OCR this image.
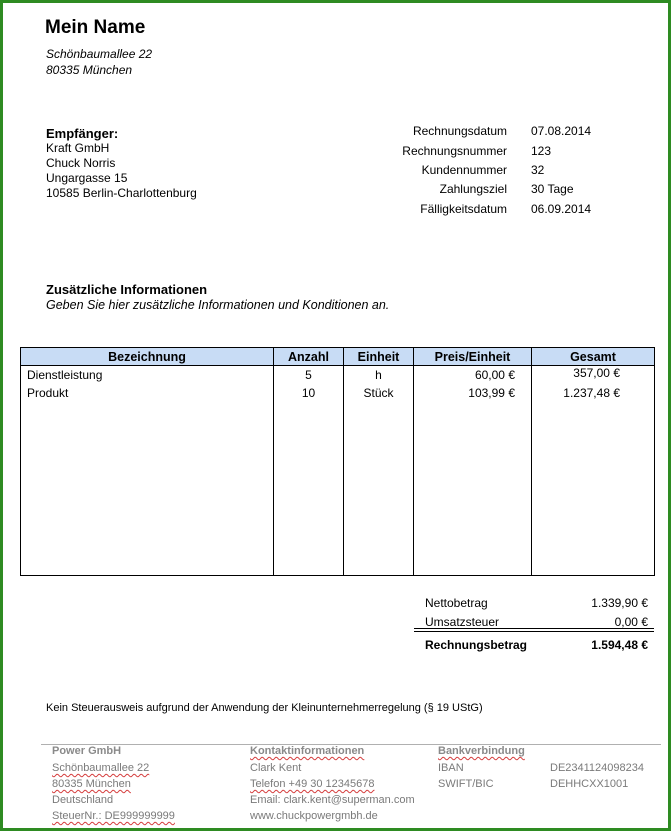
Mein Name
Schönbaumallee 22
80335 München
Empfänger:
Kraft GmbH
Chuck Norris
Ungargasse 15
10585 Berlin-Charlottenburg
Rechnungsdatum 07.08.2014
Rechnungsnummer 123
Kundennummer 32
Zahlungsziel 30 Tage
Fälligkeitsdatum 06.09.2014
Zusätzliche Informationen
Geben Sie hier zusätzliche Informationen und Konditionen an.
Bezeichnung	Anzahl	Einheit	Preis/Einheit	Gesamt
Dienstleistung	5	h	60,00 €	357,00 €
Produkt	10	Stück	103,99 €	1.237,48 €

Nettobetrag	1.339,90 €
Umsatzsteuer	0,00 €
Rechnungsbetrag	1.594,48 €
Kein Steuerausweis aufgrund der Anwendung der Kleinunternehmerregelung (§ 19 UStG)
Power GmbH
Schönbaumallee 22
80335 München
Deutschland
SteuerNr.: DE999999999
Kontaktinformationen
Clark Kent
Telefon +49 30 12345678
Email: clark.kent@superman.com
www.chuckpowergmbh.de
Bankverbindung
IBAN	DE2341124098234
SWIFT/BIC	DEHHCXX1001
